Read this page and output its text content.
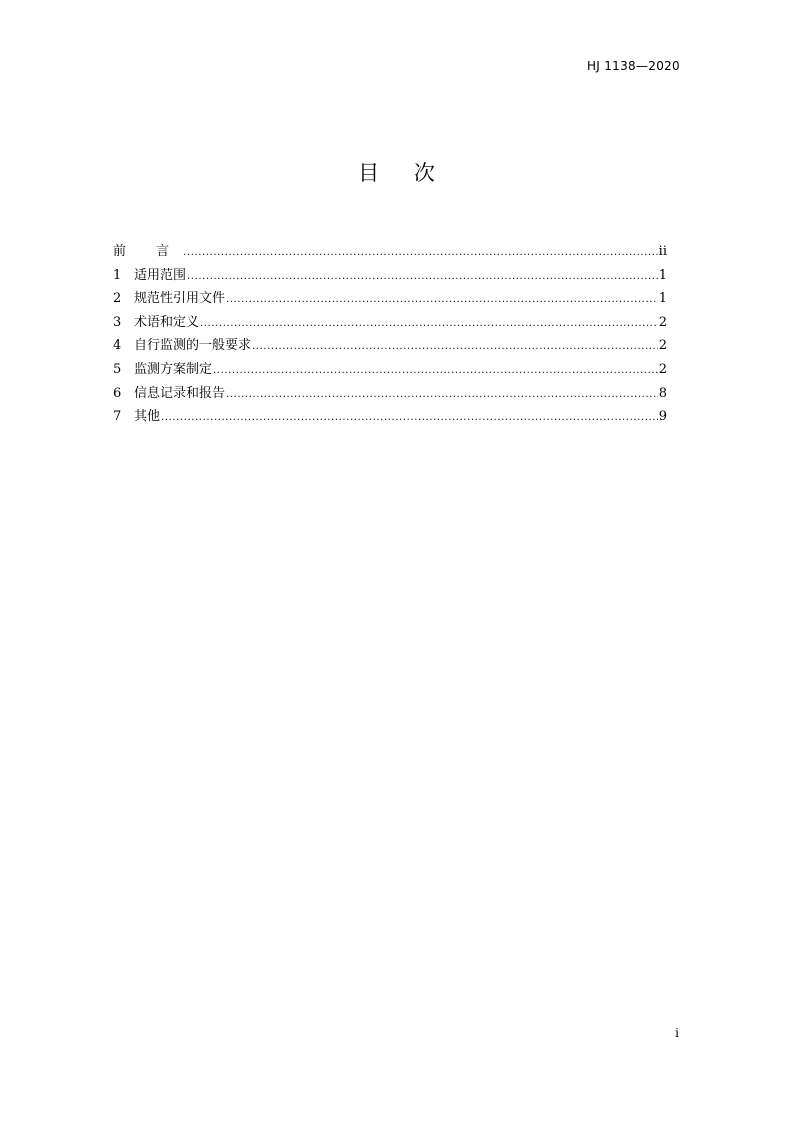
HJ 1138—2020
目 次
前 言 .....	ii
1 适用范围 .....	1
2 规范性引用文件 .....	1
3 术语和定义 .....	2
4 自行监测的一般要求 .....	2
5 监测方案制定 .....	2
6 信息记录和报告 .....	8
7 其他 .....	9
i
